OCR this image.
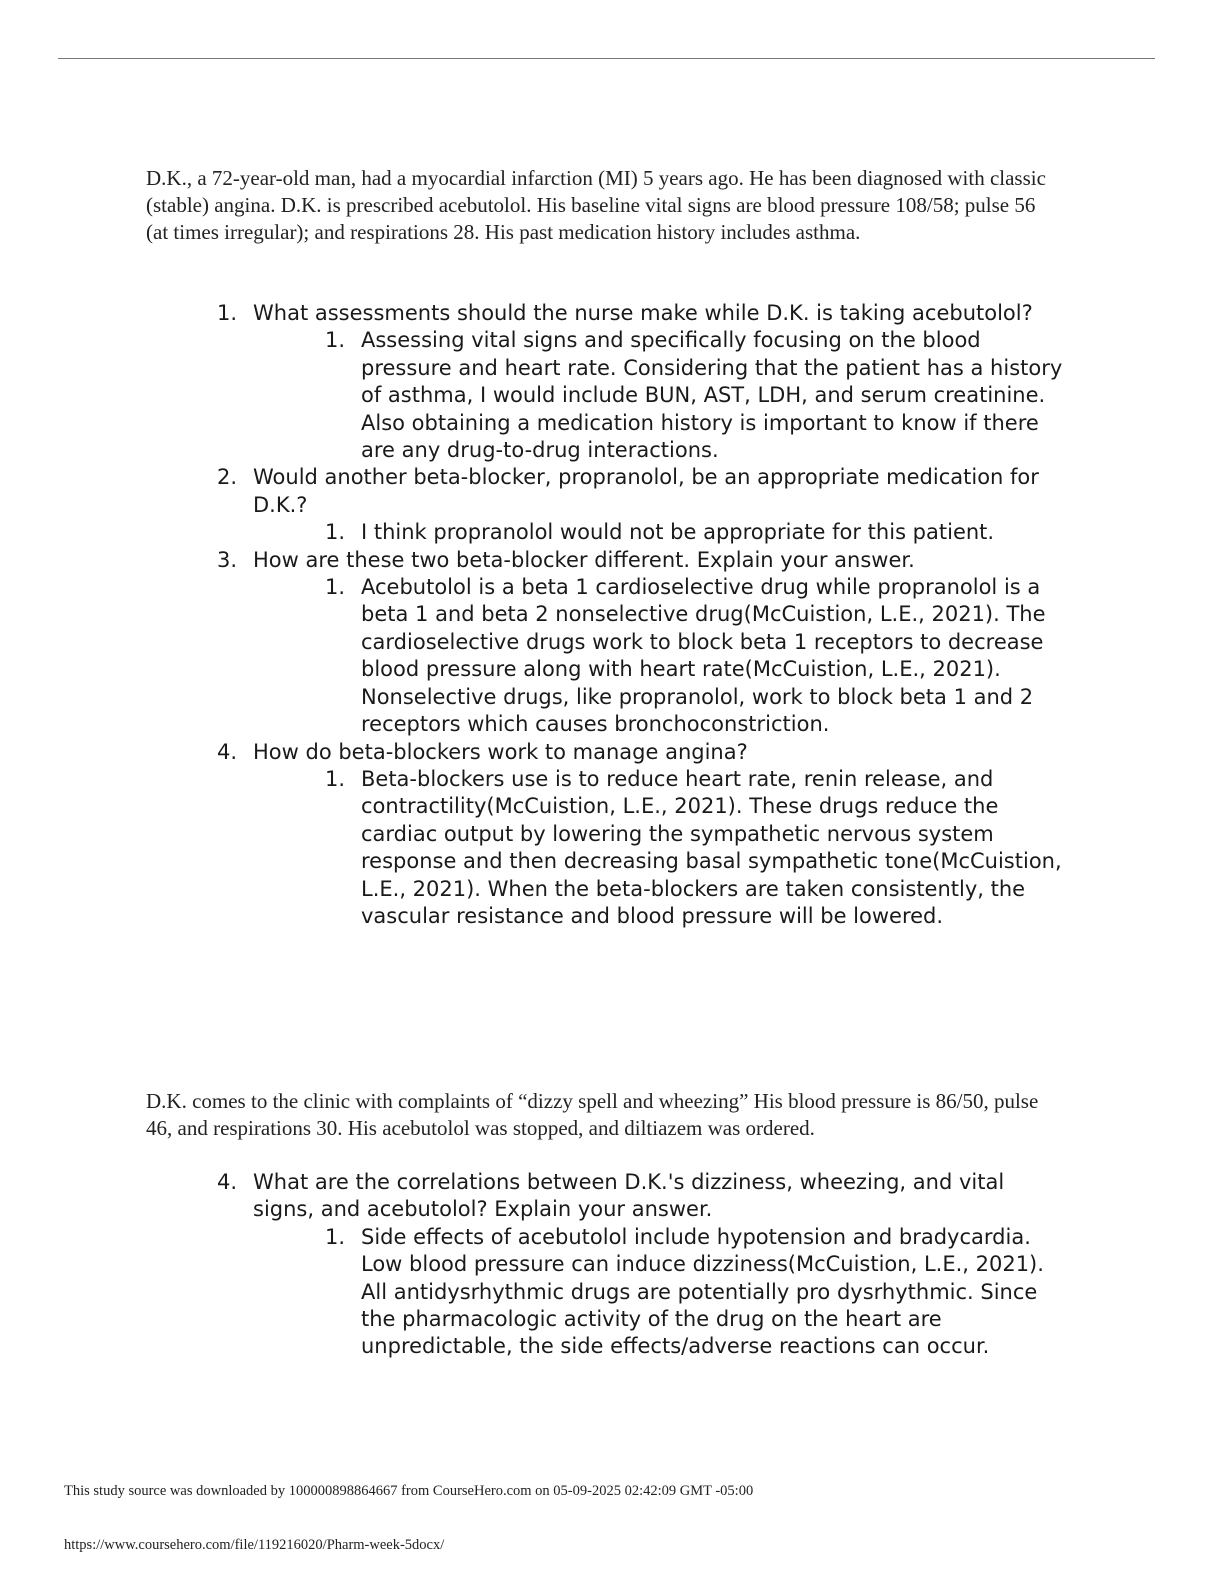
D.K., a 72-year-old man, had a myocardial infarction (MI) 5 years ago. He has been diagnosed with classic (stable) angina. D.K. is prescribed acebutolol. His baseline vital signs are blood pressure 108/58; pulse 56 (at times irregular); and respirations 28. His past medication history includes asthma.

1. What assessments should the nurse make while D.K. is taking acebutolol?
1. Assessing vital signs and specifically focusing on the blood pressure and heart rate. Considering that the patient has a history of asthma, I would include BUN, AST, LDH, and serum creatinine. Also obtaining a medication history is important to know if there are any drug-to-drug interactions.
2. Would another beta-blocker, propranolol, be an appropriate medication for D.K.?
1. I think propranolol would not be appropriate for this patient.
3. How are these two beta-blocker different. Explain your answer.
1. Acebutolol is a beta 1 cardioselective drug while propranolol is a beta 1 and beta 2 nonselective drug(McCuistion, L.E., 2021). The cardioselective drugs work to block beta 1 receptors to decrease blood pressure along with heart rate(McCuistion, L.E., 2021). Nonselective drugs, like propranolol, work to block beta 1 and 2 receptors which causes bronchoconstriction.
4. How do beta-blockers work to manage angina?
1. Beta-blockers use is to reduce heart rate, renin release, and contractility(McCuistion, L.E., 2021). These drugs reduce the cardiac output by lowering the sympathetic nervous system response and then decreasing basal sympathetic tone(McCuistion, L.E., 2021). When the beta-blockers are taken consistently, the vascular resistance and blood pressure will be lowered.

D.K. comes to the clinic with complaints of “dizzy spell and wheezing” His blood pressure is 86/50, pulse 46, and respirations 30. His acebutolol was stopped, and diltiazem was ordered.

4. What are the correlations between D.K.'s dizziness, wheezing, and vital signs, and acebutolol? Explain your answer.
1. Side effects of acebutolol include hypotension and bradycardia. Low blood pressure can induce dizziness(McCuistion, L.E., 2021). All antidysrhythmic drugs are potentially pro dysrhythmic. Since the pharmacologic activity of the drug on the heart are unpredictable, the side effects/adverse reactions can occur.
This study source was downloaded by 100000898864667 from CourseHero.com on 05-09-2025 02:42:09 GMT -05:00
https://www.coursehero.com/file/119216020/Pharm-week-5docx/
